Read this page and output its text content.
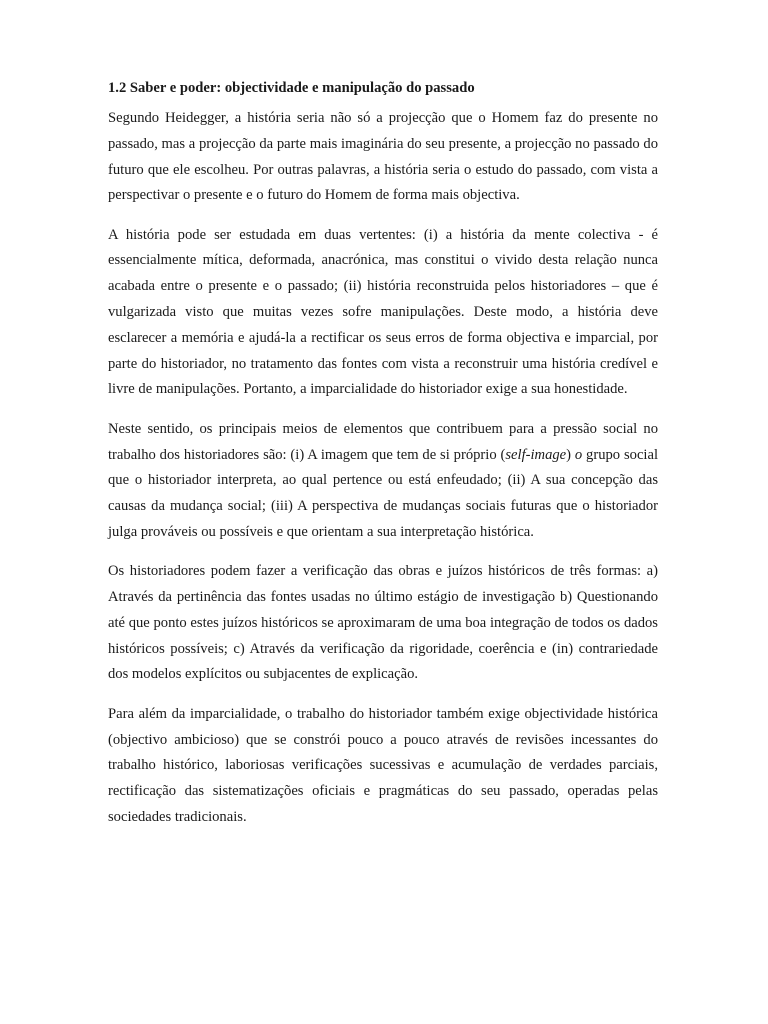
1.2 Saber e poder: objectividade e manipulação do passado
Segundo Heidegger, a história seria não só a projecção que o Homem faz do presente no passado, mas a projecção da parte mais imaginária do seu presente, a projecção no passado do futuro que ele escolheu. Por outras palavras, a história seria o estudo do passado, com vista a perspectivar o presente e o futuro do Homem de forma mais objectiva.
A história pode ser estudada em duas vertentes: (i) a história da mente colectiva - é essencialmente mítica, deformada, anacrónica, mas constitui o vivido desta relação nunca acabada entre o presente e o passado; (ii) história reconstruida pelos historiadores – que é vulgarizada visto que muitas vezes sofre manipulações. Deste modo, a história deve esclarecer a memória e ajudá-la a rectificar os seus erros de forma objectiva e imparcial, por parte do historiador, no tratamento das fontes com vista a reconstruir uma história credível e livre de manipulações. Portanto, a imparcialidade do historiador exige a sua honestidade.
Neste sentido, os principais meios de elementos que contribuem para a pressão social no trabalho dos historiadores são: (i) A imagem que tem de si próprio (self-image) o grupo social que o historiador interpreta, ao qual pertence ou está enfeudado; (ii) A sua concepção das causas da mudança social; (iii) A perspectiva de mudanças sociais futuras que o historiador julga prováveis ou possíveis e que orientam a sua interpretação histórica.
Os historiadores podem fazer a verificação das obras e juízos históricos de três formas: a) Através da pertinência das fontes usadas no último estágio de investigação b) Questionando até que ponto estes juízos históricos se aproximaram de uma boa integração de todos os dados históricos possíveis; c) Através da verificação da rigoridade, coerência e (in) contrariedade dos modelos explícitos ou subjacentes de explicação.
Para além da imparcialidade, o trabalho do historiador também exige objectividade histórica (objectivo ambicioso) que se constrói pouco a pouco através de revisões incessantes do trabalho histórico, laboriosas verificações sucessivas e acumulação de verdades parciais, rectificação das sistematizações oficiais e pragmáticas do seu passado, operadas pelas sociedades tradicionais.
